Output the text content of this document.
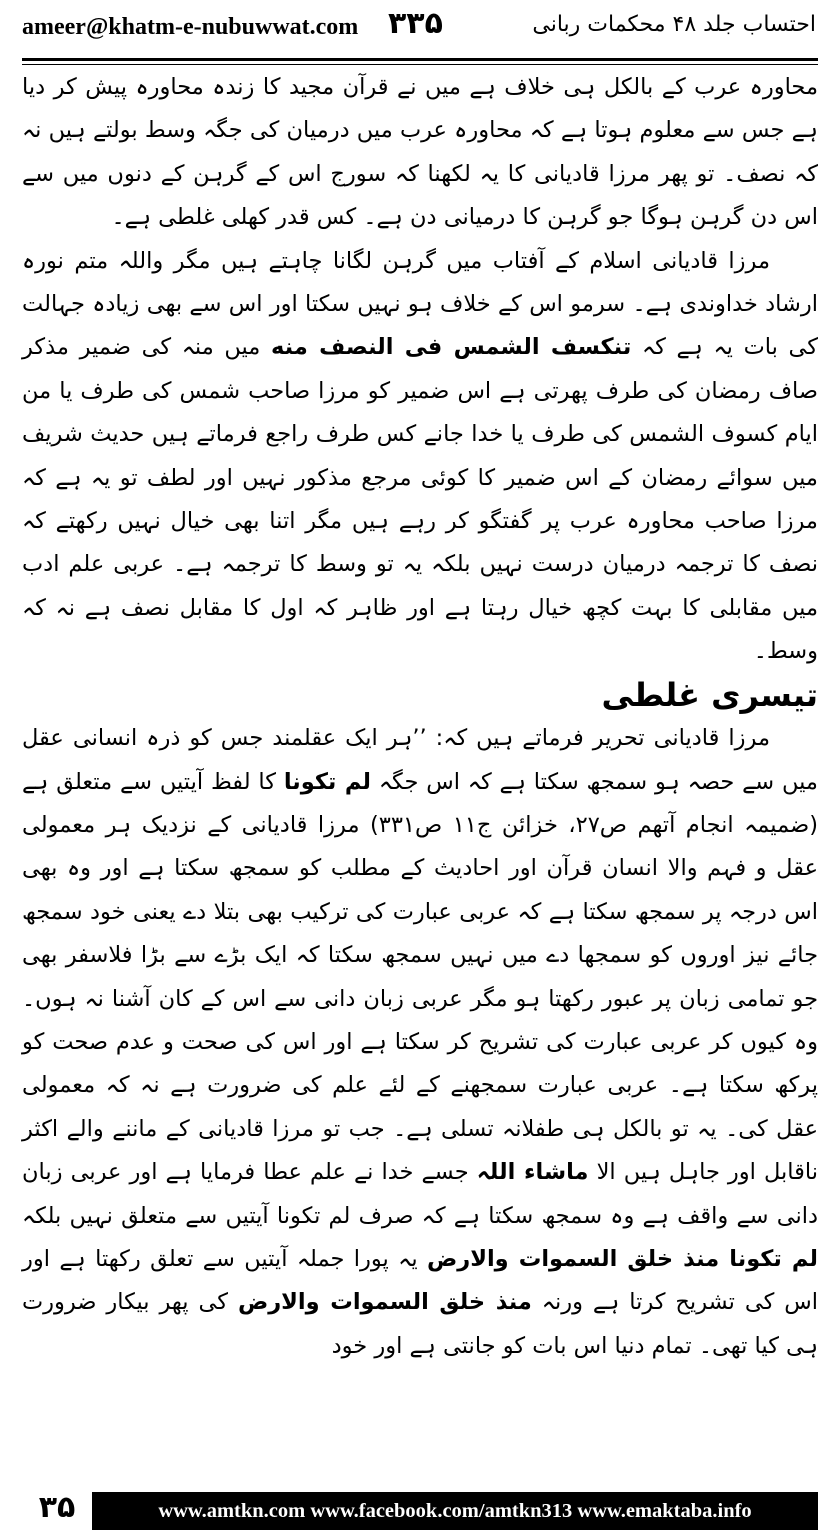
ameer@khatm-e-nubuwwat.com ۳۳۵	احتساب جلد ۴۸ محکمات ربانی

محاورہ عرب کے بالکل ہی خلاف ہے میں نے قرآن مجید کا زندہ محاورہ پیش کر دیا ہے جس سے معلوم ہوتا ہے کہ محاورہ عرب میں درمیان کی جگہ وسط بولتے ہیں نہ کہ نصف۔ تو پھر مرزا قادیانی کا یہ لکھنا کہ سورج اس کے گرہن کے دنوں میں سے اس دن گرہن ہوگا جو گرہن کا درمیانی دن ہے۔ کس قدر کھلی غلطی ہے۔

مرزا قادیانی اسلام کے آفتاب میں گرہن لگانا چاہتے ہیں مگر واللہ متم نورہ ارشاد خداوندی ہے۔ سرمو اس کے خلاف ہو نہیں سکتا اور اس سے بھی زیادہ جہالت کی بات یہ ہے کہ تنکسف الشمس فی النصف منه میں منہ کی ضمیر مذکر صاف رمضان کی طرف پھرتی ہے اس ضمیر کو مرزا صاحب شمس کی طرف یا من ایام کسوف الشمس کی طرف یا خدا جانے کس طرف راجع فرماتے ہیں حدیث شریف میں سوائے رمضان کے اس ضمیر کا کوئی مرجع مذکور نہیں اور لطف تو یہ ہے کہ مرزا صاحب محاورہ عرب پر گفتگو کر رہے ہیں مگر اتنا بھی خیال نہیں رکھتے کہ نصف کا ترجمہ درمیان درست نہیں بلکہ یہ تو وسط کا ترجمہ ہے۔ عربی علم ادب میں مقابلی کا بہت کچھ خیال رہتا ہے اور ظاہر کہ اول کا مقابل نصف ہے نہ کہ وسط۔

تیسری غلطی

مرزا قادیانی تحریر فرماتے ہیں کہ: ’’ہر ایک عقلمند جس کو ذرہ انسانی عقل میں سے حصہ ہو سمجھ سکتا ہے کہ اس جگہ لم تکونا کا لفظ آیتیں سے متعلق ہے (ضمیمہ انجام آتھم ص۲۷، خزائن ج۱۱ ص۳۳۱) مرزا قادیانی کے نزدیک ہر معمولی عقل و فہم والا انسان قرآن اور احادیث کے مطلب کو سمجھ سکتا ہے اور وہ بھی اس درجہ پر سمجھ سکتا ہے کہ عربی عبارت کی ترکیب بھی بتلا دے یعنی خود سمجھ جائے نیز اوروں کو سمجھا دے میں نہیں سمجھ سکتا کہ ایک بڑے سے بڑا فلاسفر بھی جو تمامی زبان پر عبور رکھتا ہو مگر عربی زبان دانی سے اس کے کان آشنا نہ ہوں۔ وہ کیوں کر عربی عبارت کی تشریح کر سکتا ہے اور اس کی صحت و عدم صحت کو پرکھ سکتا ہے۔ عربی عبارت سمجھنے کے لئے علم کی ضرورت ہے نہ کہ معمولی عقل کی۔ یہ تو بالکل ہی طفلانہ تسلی ہے۔ جب تو مرزا قادیانی کے ماننے والے اکثر ناقابل اور جاہل ہیں الا ماشاء اللہ جسے خدا نے علم عطا فرمایا ہے اور عربی زبان دانی سے واقف ہے وہ سمجھ سکتا ہے کہ صرف لم تکونا آیتیں سے متعلق نہیں بلکہ لم تکونا منذ خلق السموات والارض یہ پورا جملہ آیتیں سے تعلق رکھتا ہے اور اس کی تشریح کرتا ہے ورنہ منذ خلق السموات والارض کی پھر بیکار ضرورت ہی کیا تھی۔ تمام دنیا اس بات کو جانتی ہے اور خود

۳۵	www.amtkn.com www.facebook.com/amtkn313 www.emaktaba.info
